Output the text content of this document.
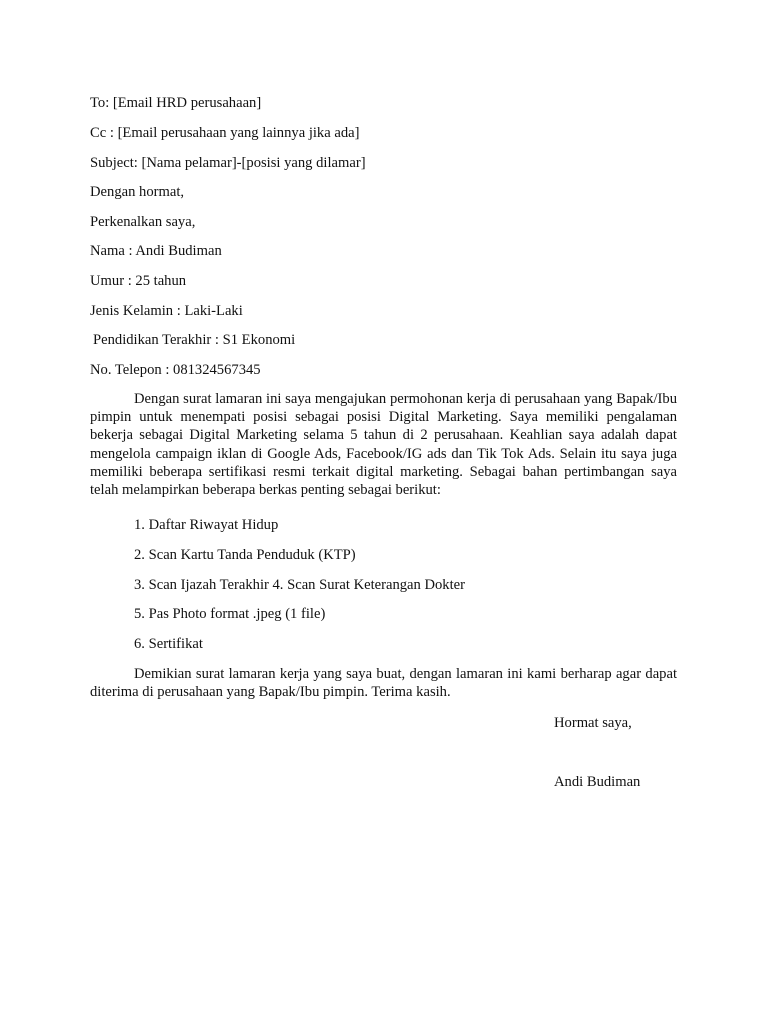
To: [Email HRD perusahaan]
Cc : [Email perusahaan yang lainnya jika ada]
Subject: [Nama pelamar]-[posisi yang dilamar]
Dengan hormat,
Perkenalkan saya,
Nama : Andi Budiman
Umur : 25 tahun
Jenis Kelamin : Laki-Laki
Pendidikan Terakhir : S1 Ekonomi
No. Telepon : 081324567345

Dengan surat lamaran ini saya mengajukan permohonan kerja di perusahaan yang Bapak/Ibu pimpin untuk menempati posisi sebagai posisi Digital Marketing. Saya memiliki pengalaman bekerja sebagai Digital Marketing selama 5 tahun di 2 perusahaan. Keahlian saya adalah dapat mengelola campaign iklan di Google Ads, Facebook/IG ads dan Tik Tok Ads. Selain itu saya juga memiliki beberapa sertifikasi resmi terkait digital marketing. Sebagai bahan pertimbangan saya telah melampirkan beberapa berkas penting sebagai berikut:

1. Daftar Riwayat Hidup
2. Scan Kartu Tanda Penduduk (KTP)
3. Scan Ijazah Terakhir 4. Scan Surat Keterangan Dokter
5. Pas Photo format .jpeg (1 file)
6. Sertifikat

Demikian surat lamaran kerja yang saya buat, dengan lamaran ini kami berharap agar dapat diterima di perusahaan yang Bapak/Ibu pimpin. Terima kasih.

Hormat saya,
Andi Budiman
